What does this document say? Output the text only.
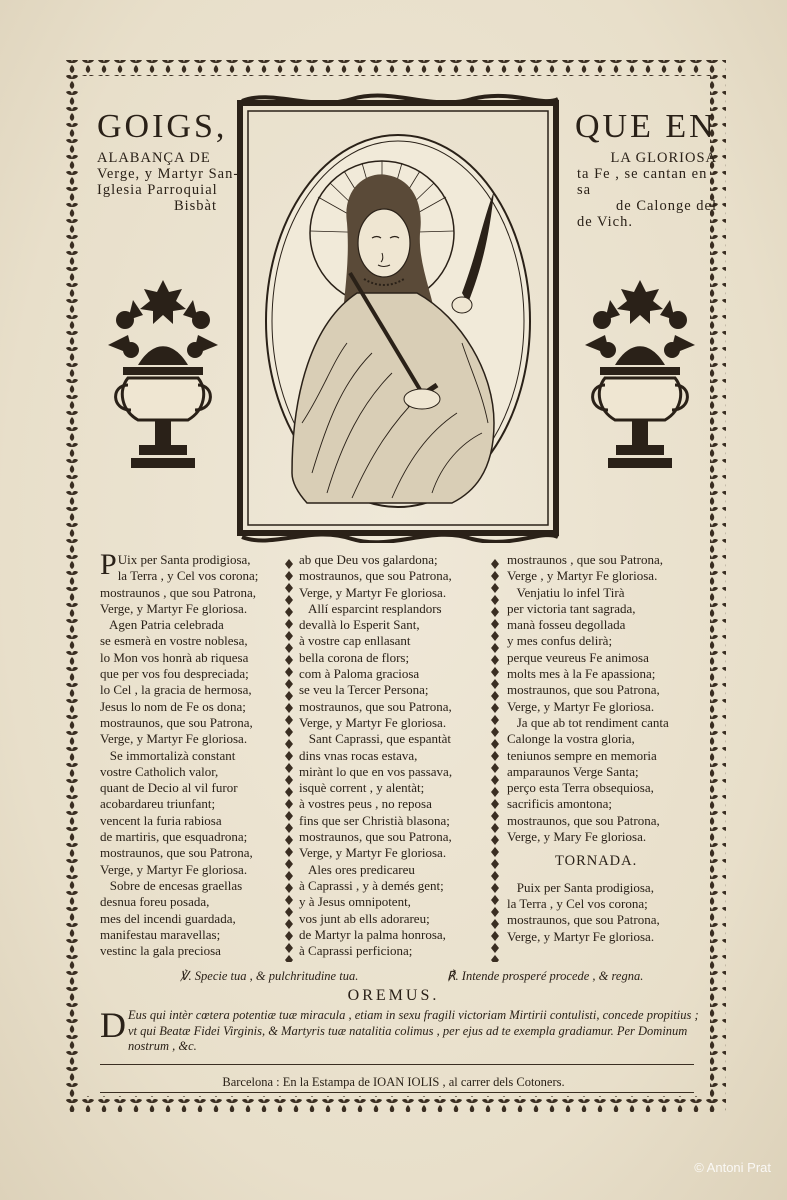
GOIGS,	QUE EN
ALABANÇA DE
Verge, y Martyr San-
Iglesia Parroquial
Bisbàt
LA GLORIOSA
ta Fe , se cantan en sa
de Calonge del
de Vich.
P Uix per Santa prodigiosa,
la Terra , y Cel vos corona;
mostraunos , que sou Patrona,
Verge, y Martyr Fe gloriosa.
Agen Patria celebrada
se esmerà en vostre noblesa,
lo Mon vos honrà ab riquesa
que per vos fou despreciada;
lo Cel , la gracia de hermosa,
Jesus lo nom de Fe os dona;
mostraunos, que sou Patrona,
Verge, y Martyr Fe gloriosa.
Se immortalizà constant
vostre Catholich valor,
quant de Decio al vil furor
acobardareu triunfant;
vencent la furia rabiosa
de martiris, que esquadrona;
mostraunos, que sou Patrona,
Verge, y Martyr Fe gloriosa.
Sobre de encesas graellas
desnua foreu posada,
mes del incendi guardada,
manifestau maravellas;
vestinc la gala preciosa
ab que Deu vos galardona;
mostraunos, que sou Patrona,
Verge, y Martyr Fe gloriosa.
Allí esparcint resplandors
devallà lo Esperit Sant,
à vostre cap enllasant
bella corona de flors;
com à Paloma graciosa
se veu la Tercer Persona;
mostraunos, que sou Patrona,
Verge, y Martyr Fe gloriosa.
Sant Caprassi, que espantàt
dins vnas rocas estava,
mirànt lo que en vos passava,
isquè corrent , y alentàt;
à vostres peus , no reposa
fins que ser Christià blasona;
mostraunos, que sou Patrona,
Verge, y Martyr Fe gloriosa.
Ales ores predicareu
à Caprassi , y à demés gent;
y à Jesus omnipotent,
vos junt ab ells adorareu;
de Martyr la palma honrosa,
à Caprassi perficiona;
mostraunos , que sou Patrona,
Verge , y Martyr Fe gloriosa.
Venjatiu lo infel Tirà
per victoria tant sagrada,
manà fosseu degollada
y mes confus delirà;
perque veureus Fe animosa
molts mes à la Fe apassiona;
mostraunos, que sou Patrona,
Verge, y Martyr Fe gloriosa.
Ja que ab tot rendiment canta
Calonge la vostra gloria,
teniunos sempre en memoria
amparaunos Verge Santa;
perço esta Terra obsequiosa,
sacrificis amontona;
mostraunos, que sou Patrona,
Verge, y Mary Fe gloriosa.
TORNADA.
Puix per Santa prodigiosa,
la Terra , y Cel vos corona;
mostraunos, que sou Patrona,
Verge, y Martyr Fe gloriosa.
℣. Specie tua , & pulchritudine tua.	℟. Intende prosperé procede , & regna.
OREMUS.
D Eus qui intèr cœtera potentiæ tuæ miracula , etiam in sexu fragili victoriam Mirtirii contulisti, concede propitius ; vt qui Beatæ Fidei Virginis, & Martyris tuæ natalitia colimus , per ejus ad te exempla gradiamur. Per Dominum nostrum , &c.
Barcelona : En la Estampa de IOAN IOLIS , al carrer dels Cotoners.
© Antoni Prat
